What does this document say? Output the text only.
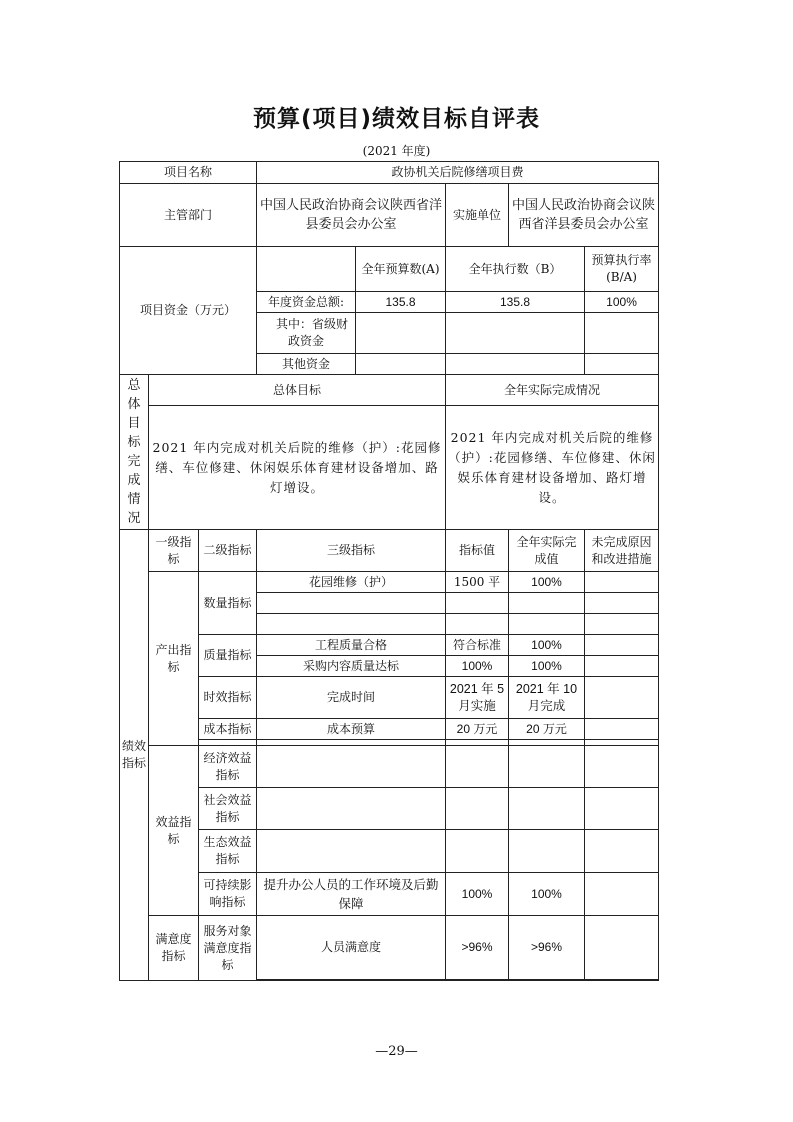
预算(项目)绩效目标自评表
(2021 年度)
项目名称			政协机关后院修缮项目费				
主管部门			中国人民政治协商会议陕西省洋县委员会办公室		实施单位	中国人民政治协商会议陕西省洋县委员会办公室	
项目资金（万元）				全年预算数(A)	全年执行数（B）		预算执行率(B/A)
			年度资金总额:	135.8	135.8		100%
			其中：省级财政资金				
			其他资金				
总体目标完成情况	总体目标				全年实际完成情况		
	2021 年内完成对机关后院的维修（护）:花园修缮、车位修建、休闲娱乐体育建材设备增加、路灯增设。				2021 年内完成对机关后院的维修（护）:花园修缮、车位修建、休闲娱乐体育建材设备增加、路灯增设。		
绩效指标	一级指标	二级指标	三级指标		指标值	全年实际完成值	未完成原因和改进措施
	产出指标	数量指标	花园维修（护）		1500 平	100%	

		质量指标	工程质量合格		符合标准	100%	
			采购内容质量达标		100%	100%	
		时效指标	完成时间		2021 年 5 月实施	2021 年 10 月完成	
		成本指标	成本预算		20 万元	20 万元	

	效益指标	经济效益指标					
		社会效益指标					
		生态效益指标					
		可持续影响指标	提升办公人员的工作环境及后勤保障		100%	100%	
	满意度指标	服务对象满意度指标	人员满意度		>96%	>96%	

—29—
